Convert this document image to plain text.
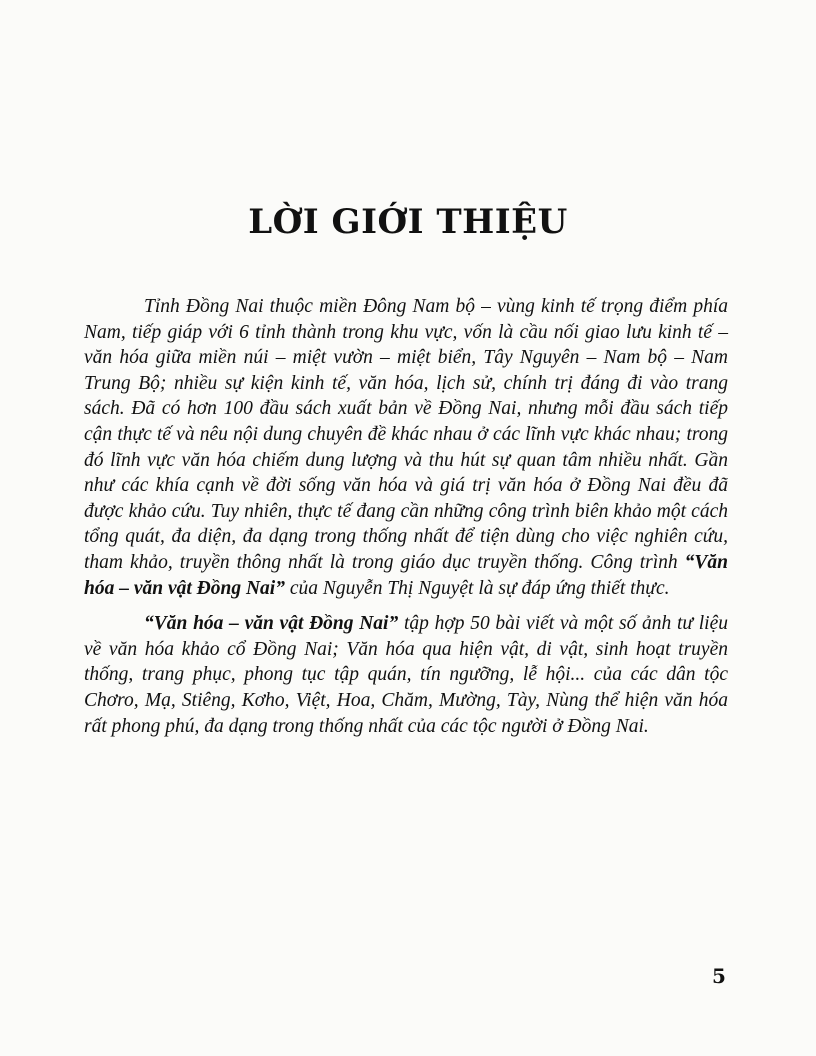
LỜI GIỚI THIỆU

Tỉnh Đồng Nai thuộc miền Đông Nam bộ – vùng kinh tế trọng điểm phía Nam, tiếp giáp với 6 tỉnh thành trong khu vực, vốn là cầu nối giao lưu kinh tế – văn hóa giữa miền núi – miệt vườn – miệt biển, Tây Nguyên – Nam bộ – Nam Trung Bộ; nhiều sự kiện kinh tế, văn hóa, lịch sử, chính trị đáng đi vào trang sách. Đã có hơn 100 đầu sách xuất bản về Đồng Nai, nhưng mỗi đầu sách tiếp cận thực tế và nêu nội dung chuyên đề khác nhau ở các lĩnh vực khác nhau; trong đó lĩnh vực văn hóa chiếm dung lượng và thu hút sự quan tâm nhiều nhất. Gần như các khía cạnh về đời sống văn hóa và giá trị văn hóa ở Đồng Nai đều đã được khảo cứu. Tuy nhiên, thực tế đang cần những công trình biên khảo một cách tổng quát, đa diện, đa dạng trong thống nhất để tiện dùng cho việc nghiên cứu, tham khảo, truyền thông nhất là trong giáo dục truyền thống. Công trình “Văn hóa – văn vật Đồng Nai” của Nguyễn Thị Nguyệt là sự đáp ứng thiết thực.

“Văn hóa – văn vật Đồng Nai” tập hợp 50 bài viết và một số ảnh tư liệu về văn hóa khảo cổ Đồng Nai; Văn hóa qua hiện vật, di vật, sinh hoạt truyền thống, trang phục, phong tục tập quán, tín ngưỡng, lễ hội... của các dân tộc Chơro, Mạ, Stiêng, Kơho, Việt, Hoa, Chăm, Mường, Tày, Nùng thể hiện văn hóa rất phong phú, đa dạng trong thống nhất của các tộc người ở Đồng Nai.

5
